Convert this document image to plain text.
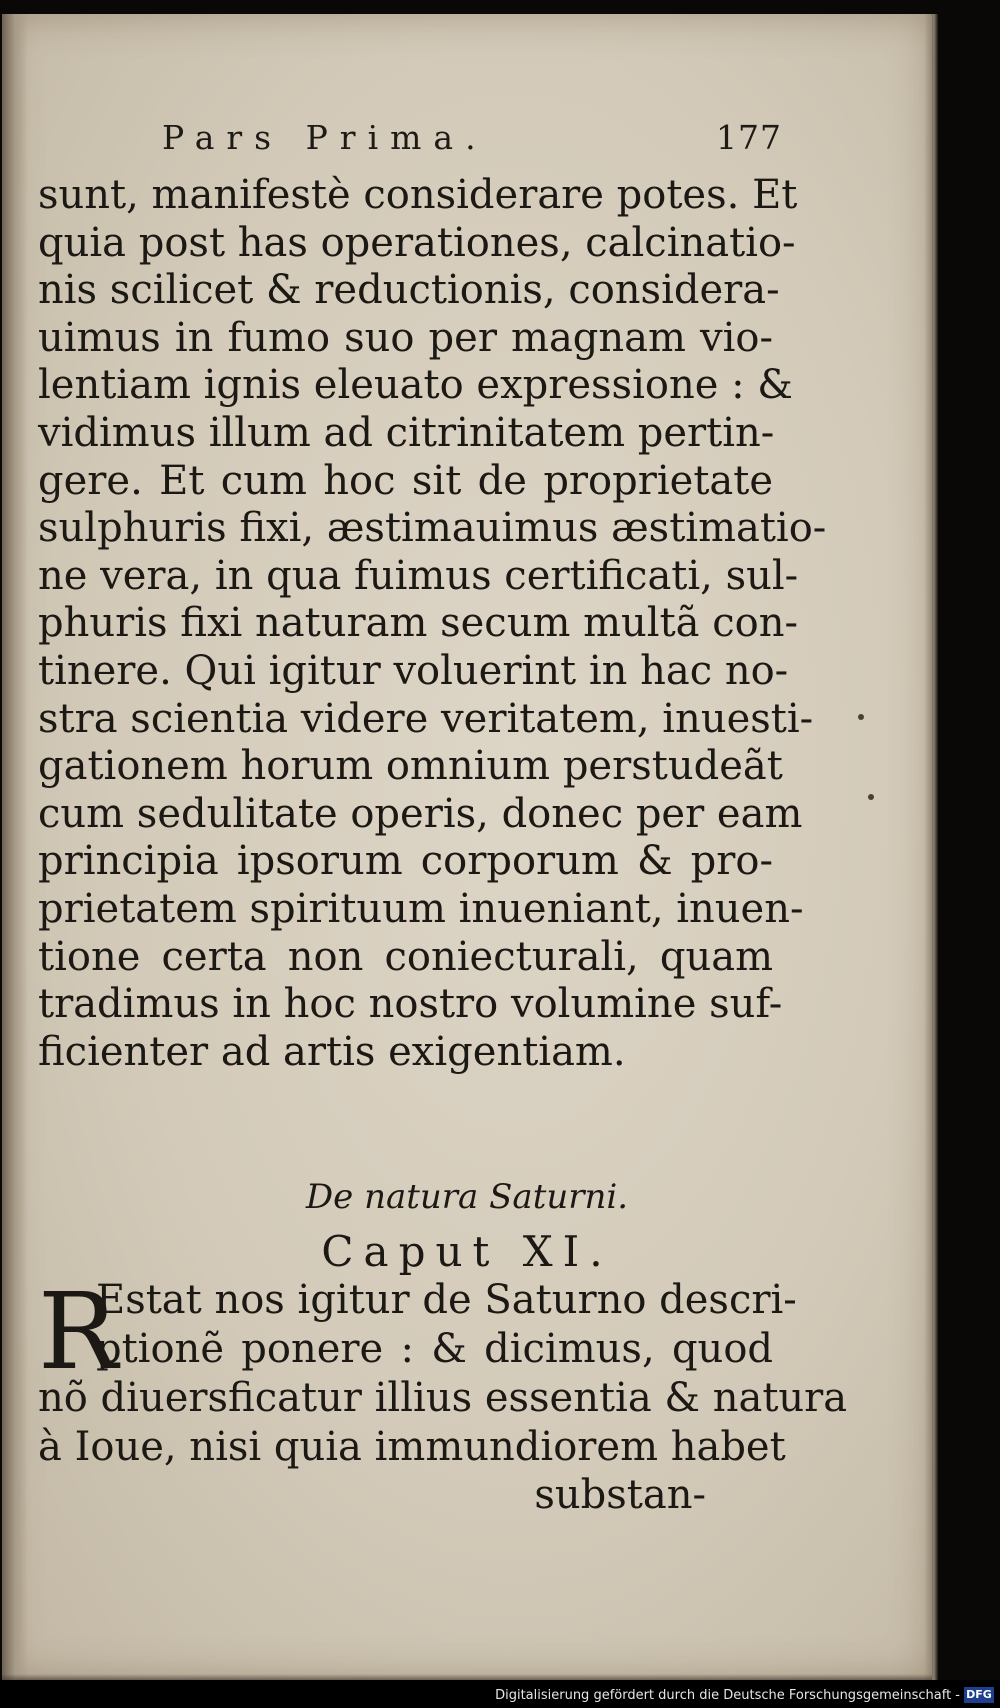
Pars Prima.	177
sunt, manifestè considerare potes. Et
quia post has operationes, calcinatio-
nis scilicet & reductionis, considera-
uimus in fumo suo per magnam vio-
lentiam ignis eleuato expressione : &
vidimus illum ad citrinitatem pertin-
gere. Et cum hoc sit de proprietate
sulphuris fixi, æstimauimus æstimatio-
ne vera, in qua fuimus certificati, sul-
phuris fixi naturam secum multã con-
tinere. Qui igitur voluerint in hac no-
stra scientia videre veritatem, inuesti-
gationem horum omnium perstudeãt
cum sedulitate operis, donec per eam
principia ipsorum corporum & pro-
prietatem spirituum inueniant, inuen-
tione certa non coniecturali, quam
tradimus in hoc nostro volumine suf-
ficienter ad artis exigentiam.
De natura Saturni.
Caput XI.
R
Estat nos igitur de Saturno descri-
ptionẽ ponere : & dicimus, quod
nõ diuersficatur illius essentia & natura
à Ioue, nisi quia immundiorem habet
substan-
Digitalisierung gefördert durch die Deutsche Forschungsgemeinschaft - DFG
